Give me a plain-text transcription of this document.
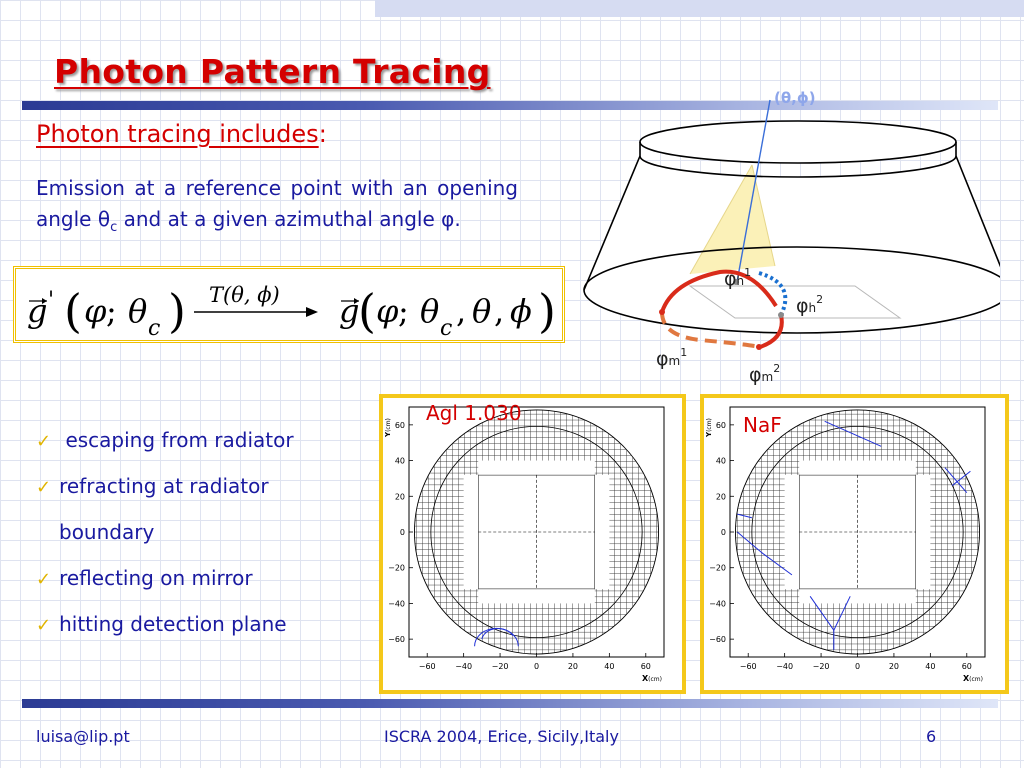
Photon Pattern Tracing
Photon tracing includes:
Emission at a reference point with an opening angle $\theta_c$ and at a given azimuthal angle φ.
g ' ( φ ; θ c ) T(θ, ϕ) g
( φ ; θ c , θ , ϕ )
(θ,ϕ)
$\varphi h^1$
$\varphi h^2$
$\varphi m^1$
$\varphi m^2$
✓ escaping from radiator
✓ refracting at radiator
boundary
✓ reflecting on mirror
✓ hitting detection plane
−60 −40 −20	0	20	40	60
60
40
20
0
−20
−40
−60
X(cm)
Y(cm)
Agl 1.030
−60 −40 −20	0	20	40	60
60
40
20
0
−20
−40
−60
X(cm)
Y(cm) NaF
luisa@lip.pt	ISCRA 2004, Erice, Sicily,Italy	6
